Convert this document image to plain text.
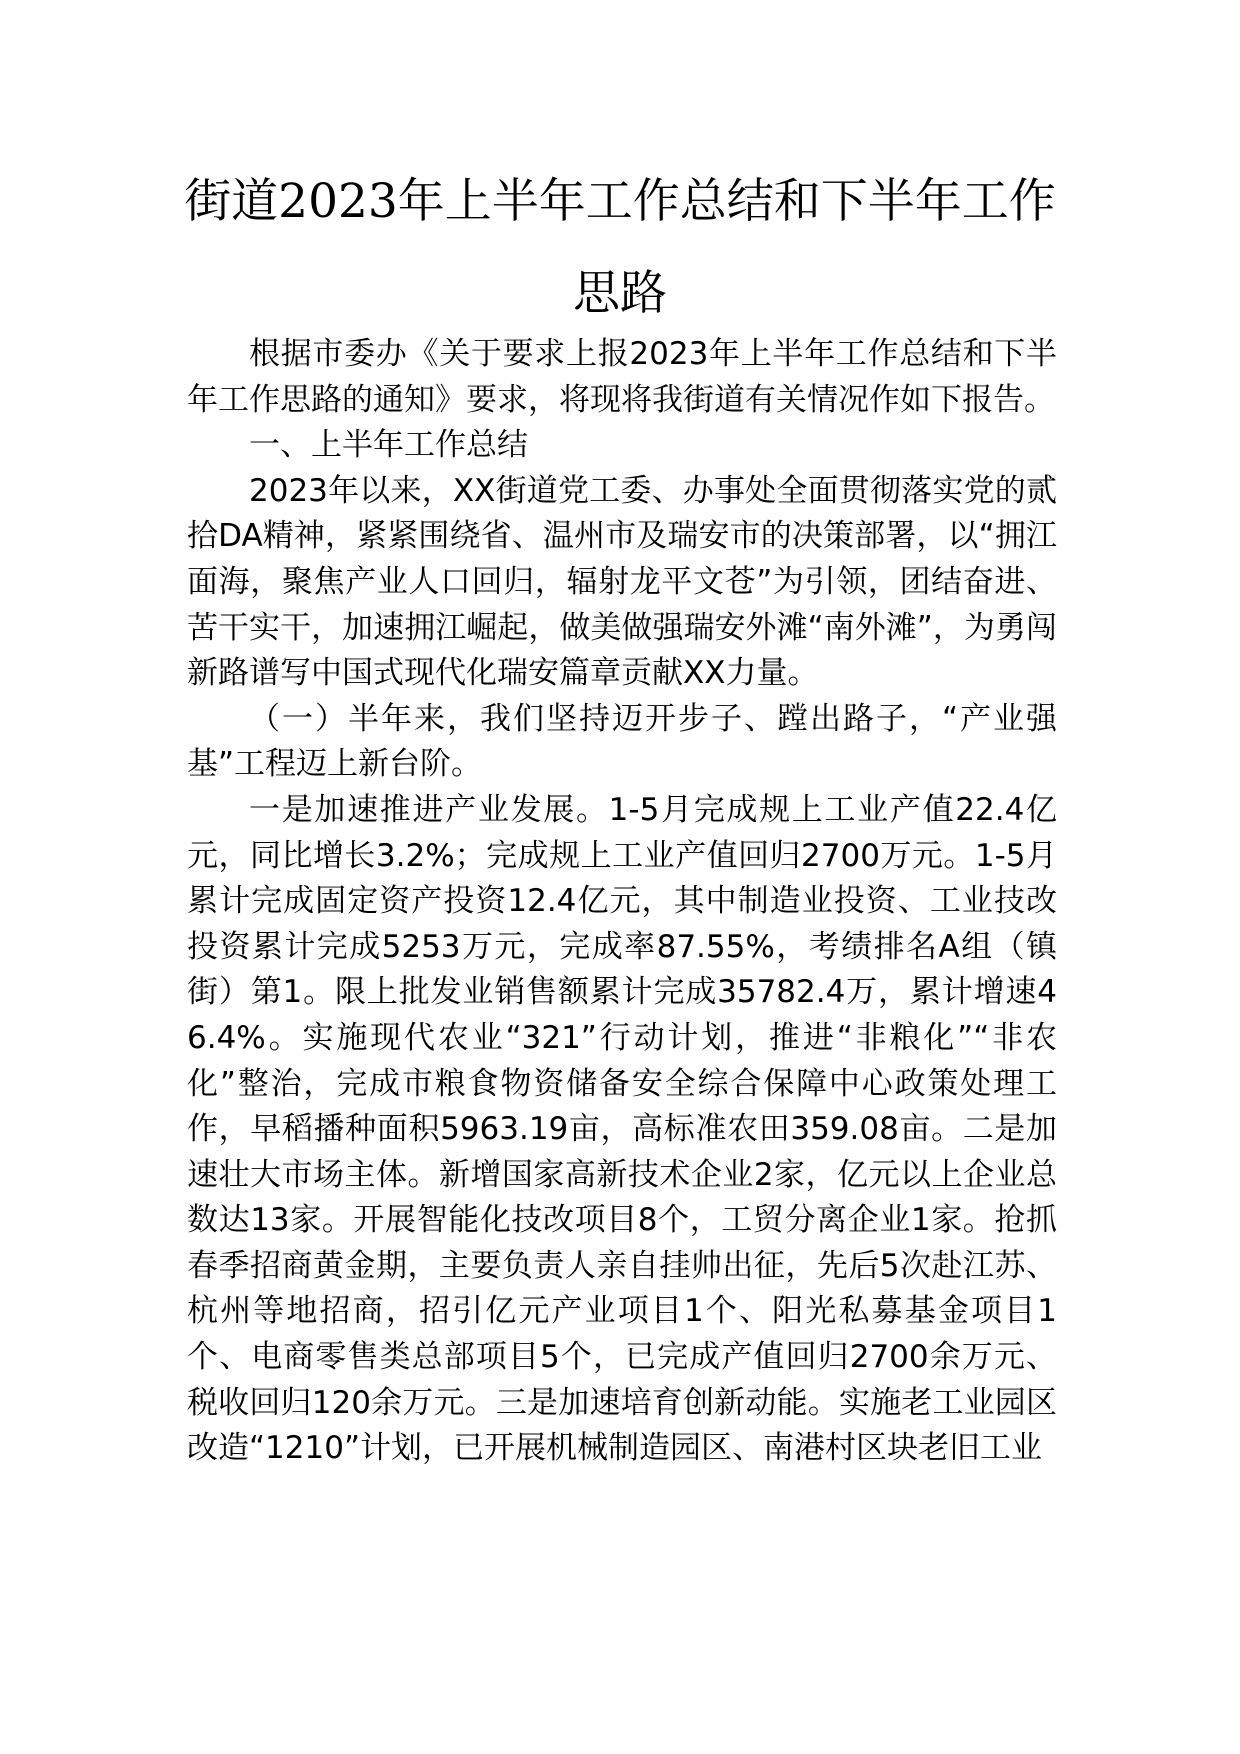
街道2023年上半年工作总结和下半年工作
思路

根据市委办《关于要求上报2023年上半年工作总结和下半年工作思路的通知》要求，将现将我街道有关情况作如下报告。

一、上半年工作总结

2023年以来，XX街道党工委、办事处全面贯彻落实党的贰拾DA精神，紧紧围绕省、温州市及瑞安市的决策部署，以“拥江面海，聚焦产业人口回归，辐射龙平文苍”为引领，团结奋进、苦干实干，加速拥江崛起，做美做强瑞安外滩“南外滩”，为勇闯新路谱写中国式现代化瑞安篇章贡献XX力量。

（一）半年来，我们坚持迈开步子、蹚出路子，“产业强基”工程迈上新台阶。

一是加速推进产业发展。1-5月完成规上工业产值22.4亿元，同比增长3.2%；完成规上工业产值回归2700万元。1-5月累计完成固定资产投资12.4亿元，其中制造业投资、工业技改投资累计完成5253万元，完成率87.55%，考绩排名A组（镇街）第1。限上批发业销售额累计完成35782.4万，累计增速46.4%。实施现代农业“321”行动计划，推进“非粮化”“非农化”整治，完成市粮食物资储备安全综合保障中心政策处理工作，早稻播种面积5963.19亩，高标准农田359.08亩。二是加速壮大市场主体。新增国家高新技术企业2家，亿元以上企业总数达13家。开展智能化技改项目8个，工贸分离企业1家。抢抓春季招商黄金期，主要负责人亲自挂帅出征，先后5次赴江苏、杭州等地招商，招引亿元产业项目1个、阳光私募基金项目1个、电商零售类总部项目5个，已完成产值回归2700余万元、税收回归120余万元。三是加速培育创新动能。实施老工业园区改造“1210”计划，已开展机械制造园区、南港村区块老旧工业
